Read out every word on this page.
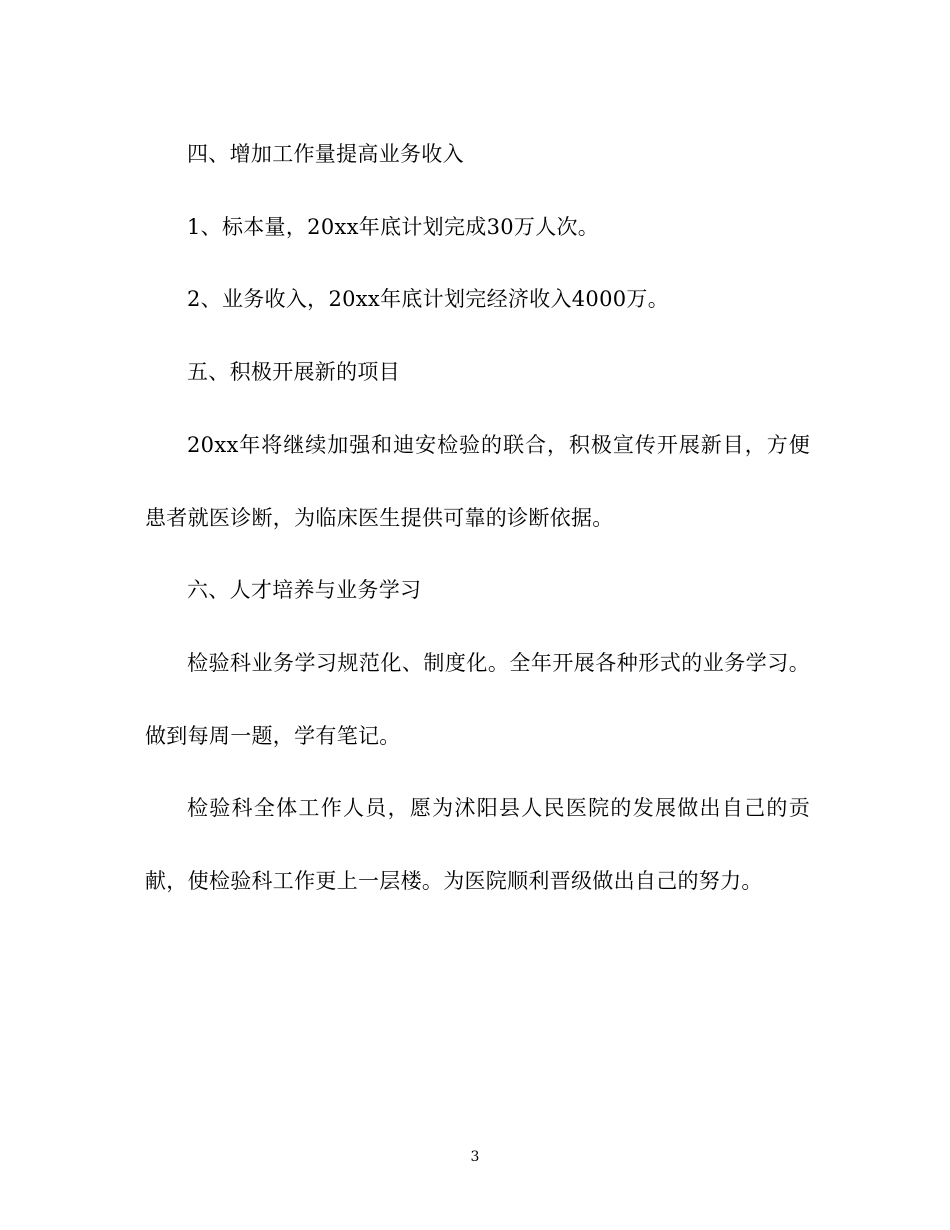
四、增加工作量提高业务收入

1、标本量，20xx年底计划完成30万人次。

2、业务收入，20xx年底计划完经济收入4000万。

五、积极开展新的项目

20xx年将继续加强和迪安检验的联合，积极宣传开展新目，方便患者就医诊断，为临床医生提供可靠的诊断依据。

六、人才培养与业务学习

检验科业务学习规范化、制度化。全年开展各种形式的业务学习。做到每周一题，学有笔记。

检验科全体工作人员，愿为沭阳县人民医院的发展做出自己的贡献，使检验科工作更上一层楼。为医院顺利晋级做出自己的努力。

3
